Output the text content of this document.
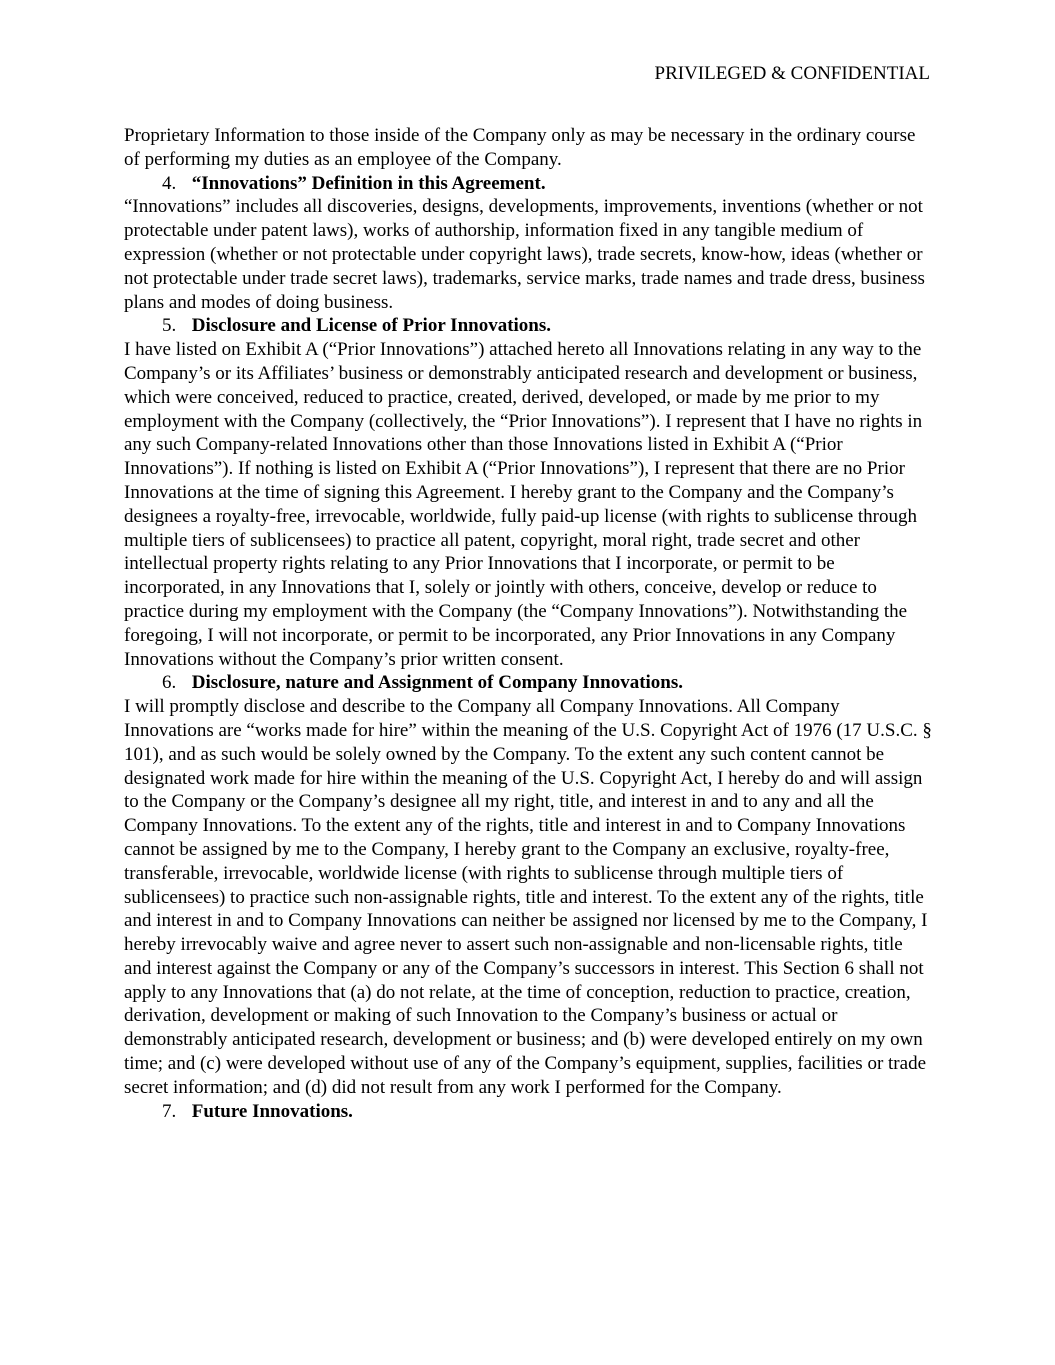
PRIVILEGED & CONFIDENTIAL

Proprietary Information to those inside of the Company only as may be necessary in the ordinary course of performing my duties as an employee of the Company.

4. “Innovations” Definition in this Agreement.

“Innovations” includes all discoveries, designs, developments, improvements, inventions (whether or not protectable under patent laws), works of authorship, information fixed in any tangible medium of expression (whether or not protectable under copyright laws), trade secrets, know-how, ideas (whether or not protectable under trade secret laws), trademarks, service marks, trade names and trade dress, business plans and modes of doing business.

5. Disclosure and License of Prior Innovations.

I have listed on Exhibit A (“Prior Innovations”) attached hereto all Innovations relating in any way to the Company’s or its Affiliates’ business or demonstrably anticipated research and development or business, which were conceived, reduced to practice, created, derived, developed, or made by me prior to my employment with the Company (collectively, the “Prior Innovations”). I represent that I have no rights in any such Company-related Innovations other than those Innovations listed in Exhibit A (“Prior Innovations”). If nothing is listed on Exhibit A (“Prior Innovations”), I represent that there are no Prior Innovations at the time of signing this Agreement. I hereby grant to the Company and the Company’s designees a royalty-free, irrevocable, worldwide, fully paid-up license (with rights to sublicense through multiple tiers of sublicensees) to practice all patent, copyright, moral right, trade secret and other intellectual property rights relating to any Prior Innovations that I incorporate, or permit to be incorporated, in any Innovations that I, solely or jointly with others, conceive, develop or reduce to practice during my employment with the Company (the “Company Innovations”). Notwithstanding the foregoing, I will not incorporate, or permit to be incorporated, any Prior Innovations in any Company Innovations without the Company’s prior written consent.

6. Disclosure, nature and Assignment of Company Innovations.

I will promptly disclose and describe to the Company all Company Innovations. All Company Innovations are “works made for hire” within the meaning of the U.S. Copyright Act of 1976 (17 U.S.C. § 101), and as such would be solely owned by the Company. To the extent any such content cannot be designated work made for hire within the meaning of the U.S. Copyright Act, I hereby do and will assign to the Company or the Company’s designee all my right, title, and interest in and to any and all the Company Innovations. To the extent any of the rights, title and interest in and to Company Innovations cannot be assigned by me to the Company, I hereby grant to the Company an exclusive, royalty-free, transferable, irrevocable, worldwide license (with rights to sublicense through multiple tiers of sublicensees) to practice such non-assignable rights, title and interest. To the extent any of the rights, title and interest in and to Company Innovations can neither be assigned nor licensed by me to the Company, I hereby irrevocably waive and agree never to assert such non-assignable and non-licensable rights, title and interest against the Company or any of the Company’s successors in interest. This Section 6 shall not apply to any Innovations that (a) do not relate, at the time of conception, reduction to practice, creation, derivation, development or making of such Innovation to the Company’s business or actual or demonstrably anticipated research, development or business; and (b) were developed entirely on my own time; and (c) were developed without use of any of the Company’s equipment, supplies, facilities or trade secret information; and (d) did not result from any work I performed for the Company.

7. Future Innovations.
